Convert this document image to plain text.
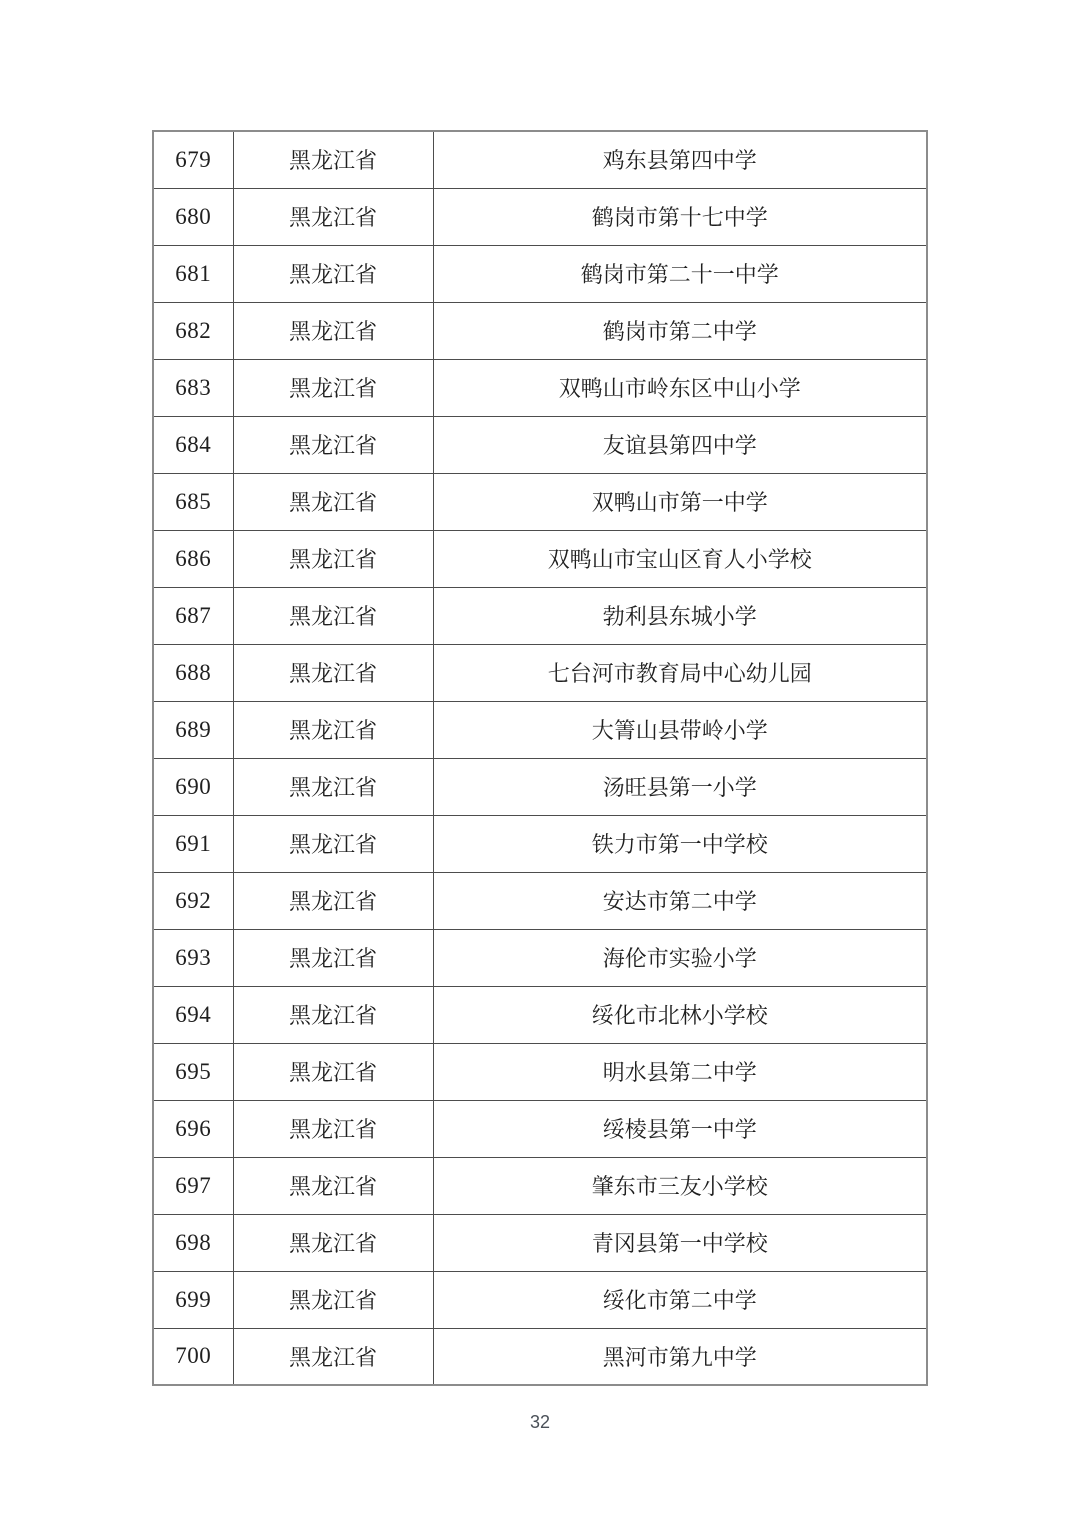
679	黑龙江省	鸡东县第四中学
680	黑龙江省	鹤岗市第十七中学
681	黑龙江省	鹤岗市第二十一中学
682	黑龙江省	鹤岗市第二中学
683	黑龙江省	双鸭山市岭东区中山小学
684	黑龙江省	友谊县第四中学
685	黑龙江省	双鸭山市第一中学
686	黑龙江省	双鸭山市宝山区育人小学校
687	黑龙江省	勃利县东城小学
688	黑龙江省	七台河市教育局中心幼儿园
689	黑龙江省	大箐山县带岭小学
690	黑龙江省	汤旺县第一小学
691	黑龙江省	铁力市第一中学校
692	黑龙江省	安达市第二中学
693	黑龙江省	海伦市实验小学
694	黑龙江省	绥化市北林小学校
695	黑龙江省	明水县第二中学
696	黑龙江省	绥棱县第一中学
697	黑龙江省	肇东市三友小学校
698	黑龙江省	青冈县第一中学校
699	黑龙江省	绥化市第二中学
700	黑龙江省	黑河市第九中学
32
